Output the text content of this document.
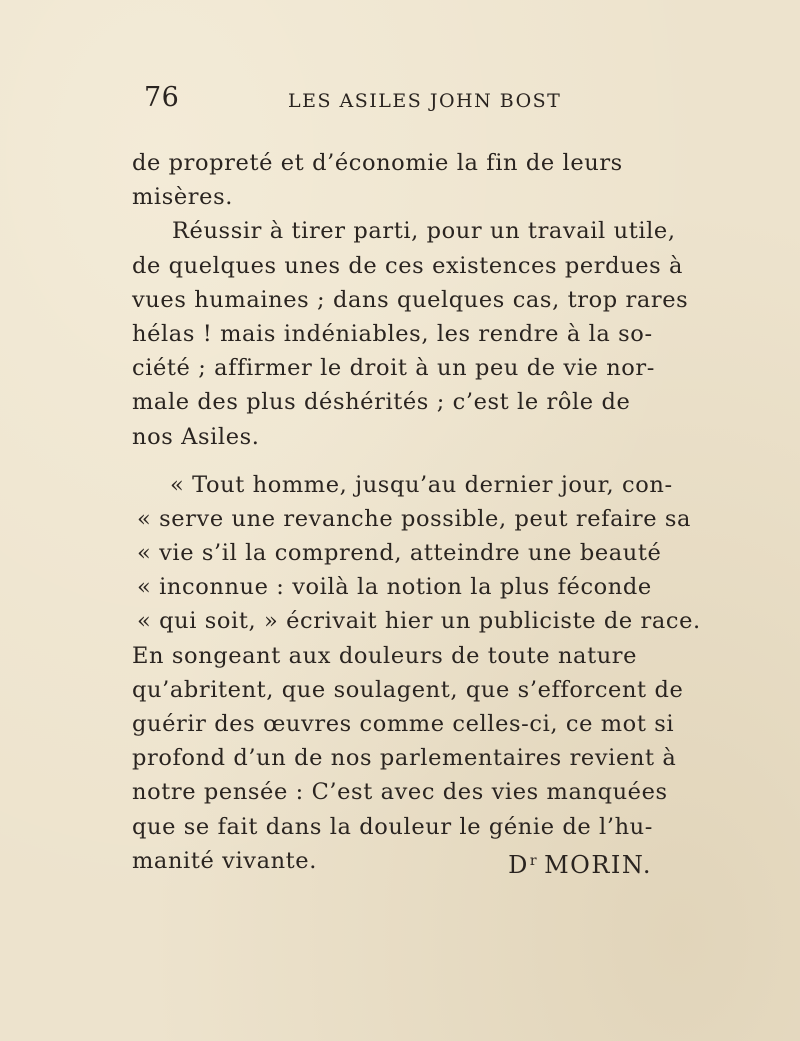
76	LES ASILES JOHN BOST
de propreté et d’économie la fin de leurs
misères.
Réussir à tirer parti, pour un travail utile,
de quelques unes de ces existences perdues à
vues humaines ; dans quelques cas, trop rares
hélas ! mais indéniables, les rendre à la so-
ciété ; affirmer le droit à un peu de vie nor-
male des plus déshérités ; c’est le rôle de
nos Asiles.
« Tout homme, jusqu’au dernier jour, con-
« serve une revanche possible, peut refaire sa
« vie s’il la comprend, atteindre une beauté
« inconnue : voilà la notion la plus féconde
« qui soit, » écrivait hier un publiciste de race.
En songeant aux douleurs de toute nature
qu’abritent, que soulagent, que s’efforcent de
guérir des œuvres comme celles-ci, ce mot si
profond d’un de nos parlementaires revient à
notre pensée : C’est avec des vies manquées
que se fait dans la douleur le génie de l’hu-
manité vivante.	$D^r$ MORIN.
